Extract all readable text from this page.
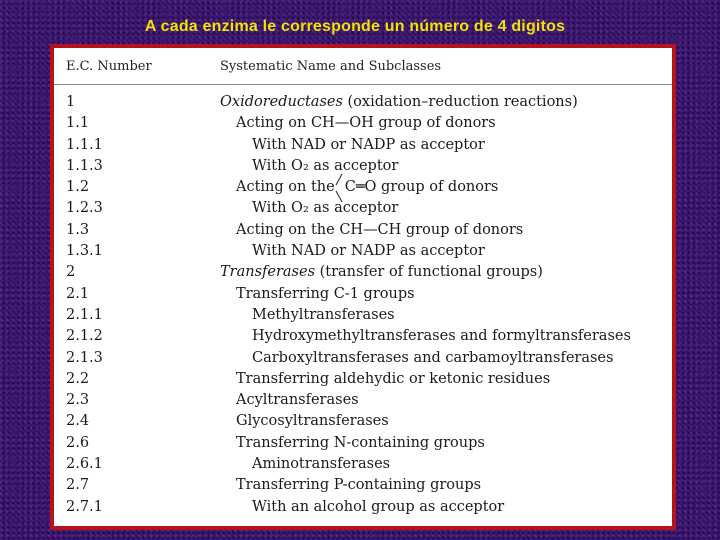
A cada enzima le corresponde un número de 4 digitos
E.C. Number	Systematic Name and Subclasses
1	Oxidoreductases (oxidation–reduction reactions)
1.1	Acting on CH—OH group of donors
1.1.1	With NAD or NADP as acceptor
1.1.3	With O₂ as acceptor
1.2	Acting on the C═O group of donors
1.2.3	With O₂ as acceptor
1.3	Acting on the CH—CH group of donors
1.3.1	With NAD or NADP as acceptor
2	Transferases (transfer of functional groups)
2.1	Transferring C-1 groups
2.1.1	Methyltransferases
2.1.2	Hydroxymethyltransferases and formyltransferases
2.1.3	Carboxyltransferases and carbamoyltransferases
2.2	Transferring aldehydic or ketonic residues
2.3	Acyltransferases
2.4	Glycosyltransferases
2.6	Transferring N-containing groups
2.6.1	Aminotransferases
2.7	Transferring P-containing groups
2.7.1	With an alcohol group as acceptor
